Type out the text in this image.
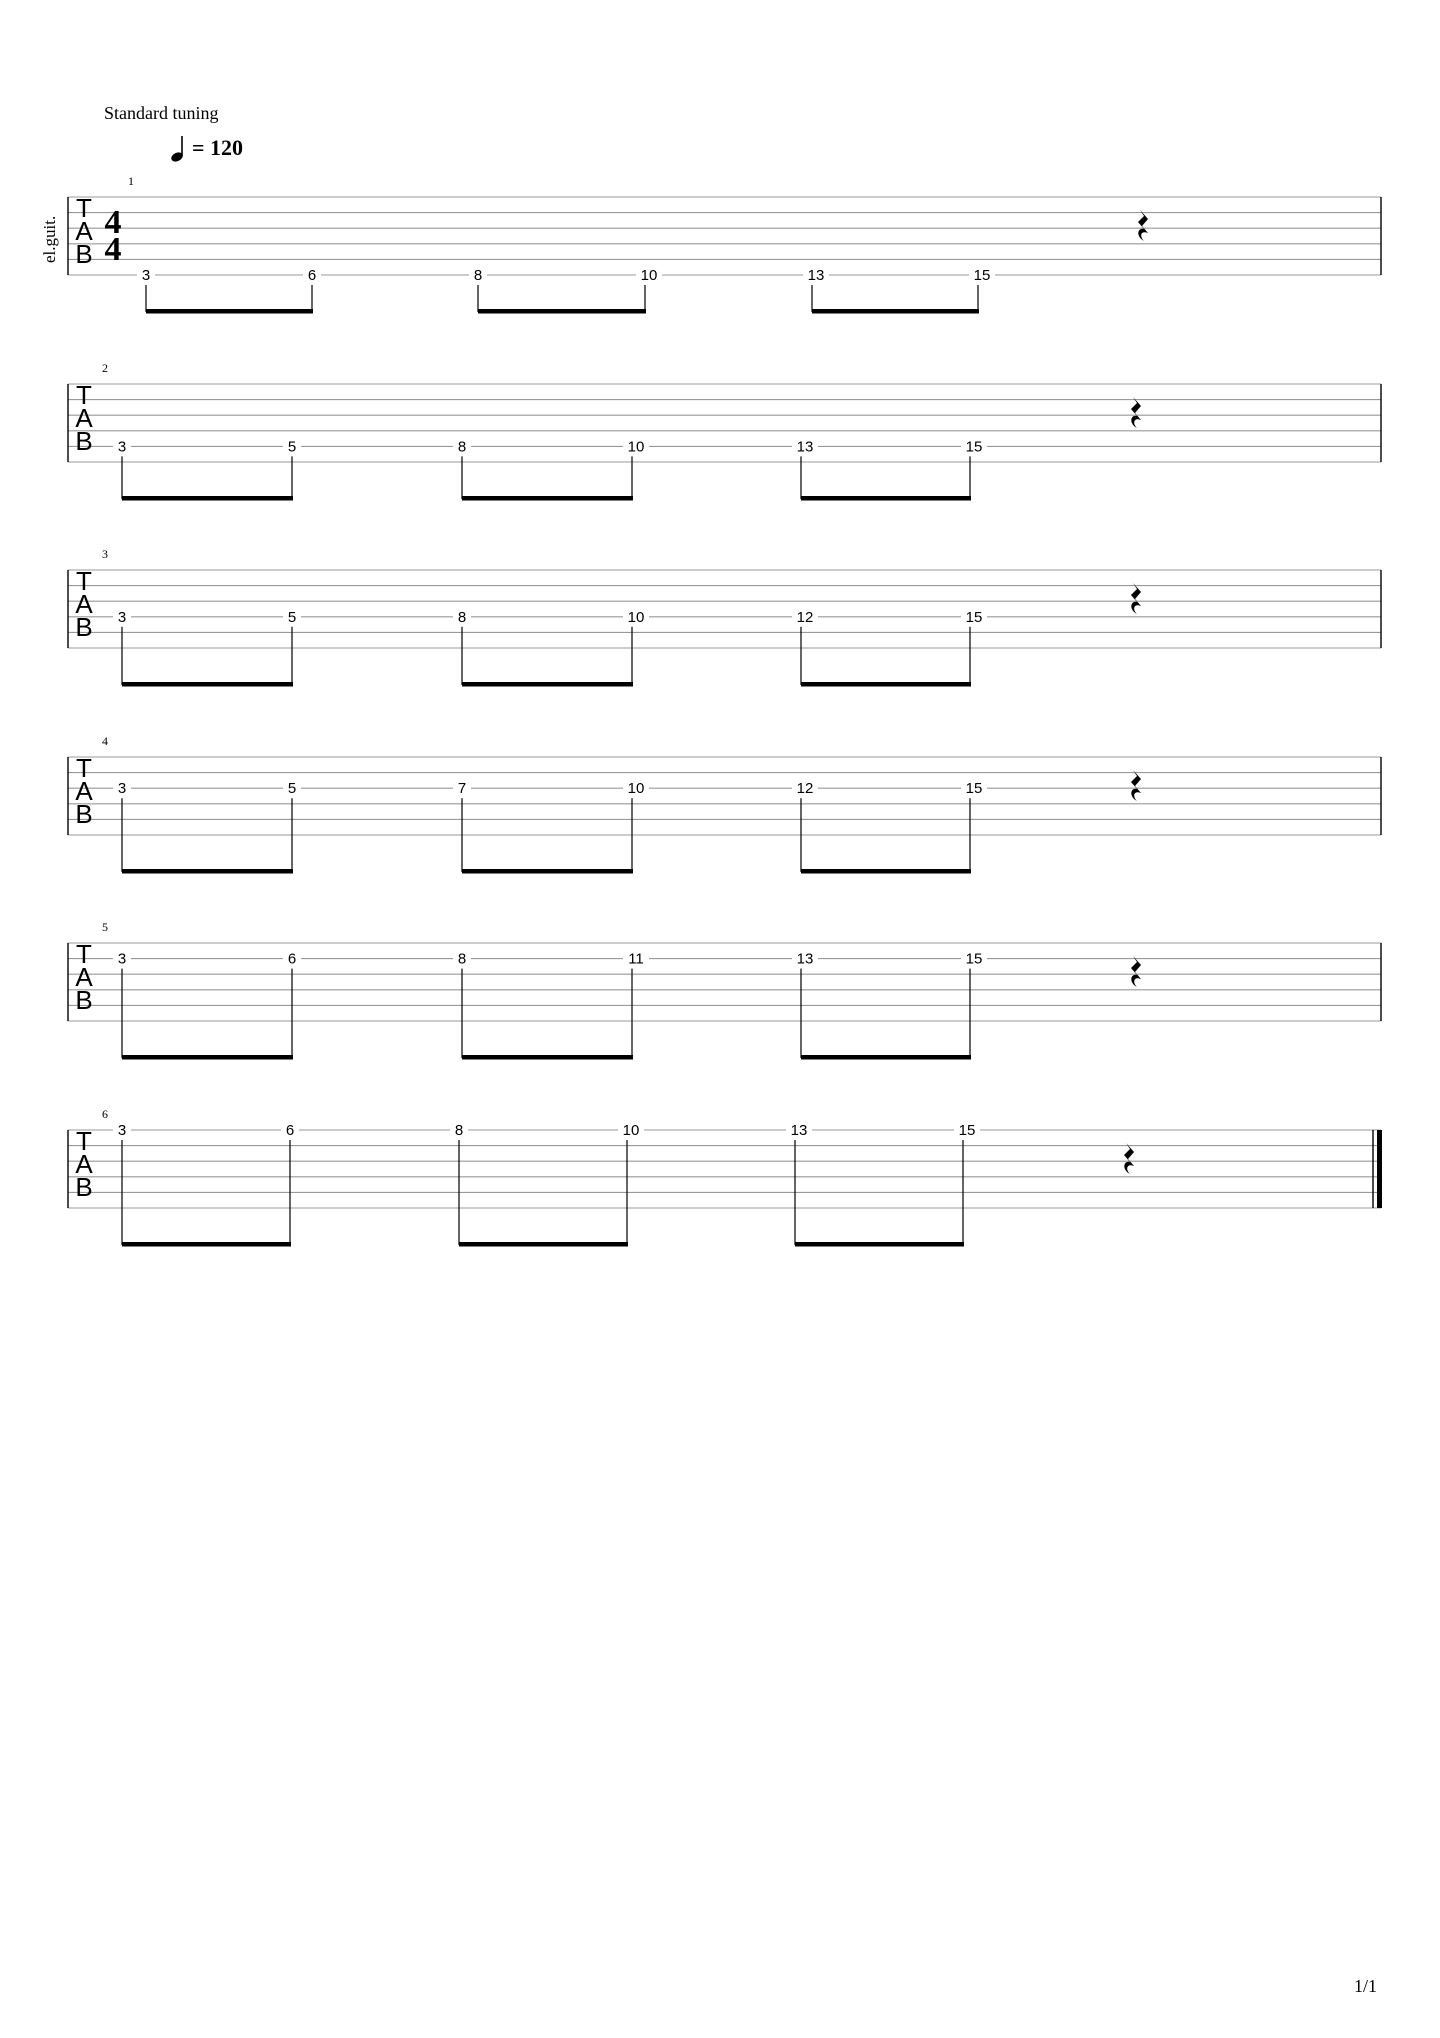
Standard tuning
= 120
el.guit.
1
T
A
B
4
4
3	6	8	10	13	15
2
T
A
B 3	5	8	10	13	15
3
T
A
B 3	5	8	10	12	15
4
T
A
B
3	5	7	10	12	15
5
T
A
B
3	6	8	11	13	15
6
T
A
B
3	6	8	10	13	15
1/1
